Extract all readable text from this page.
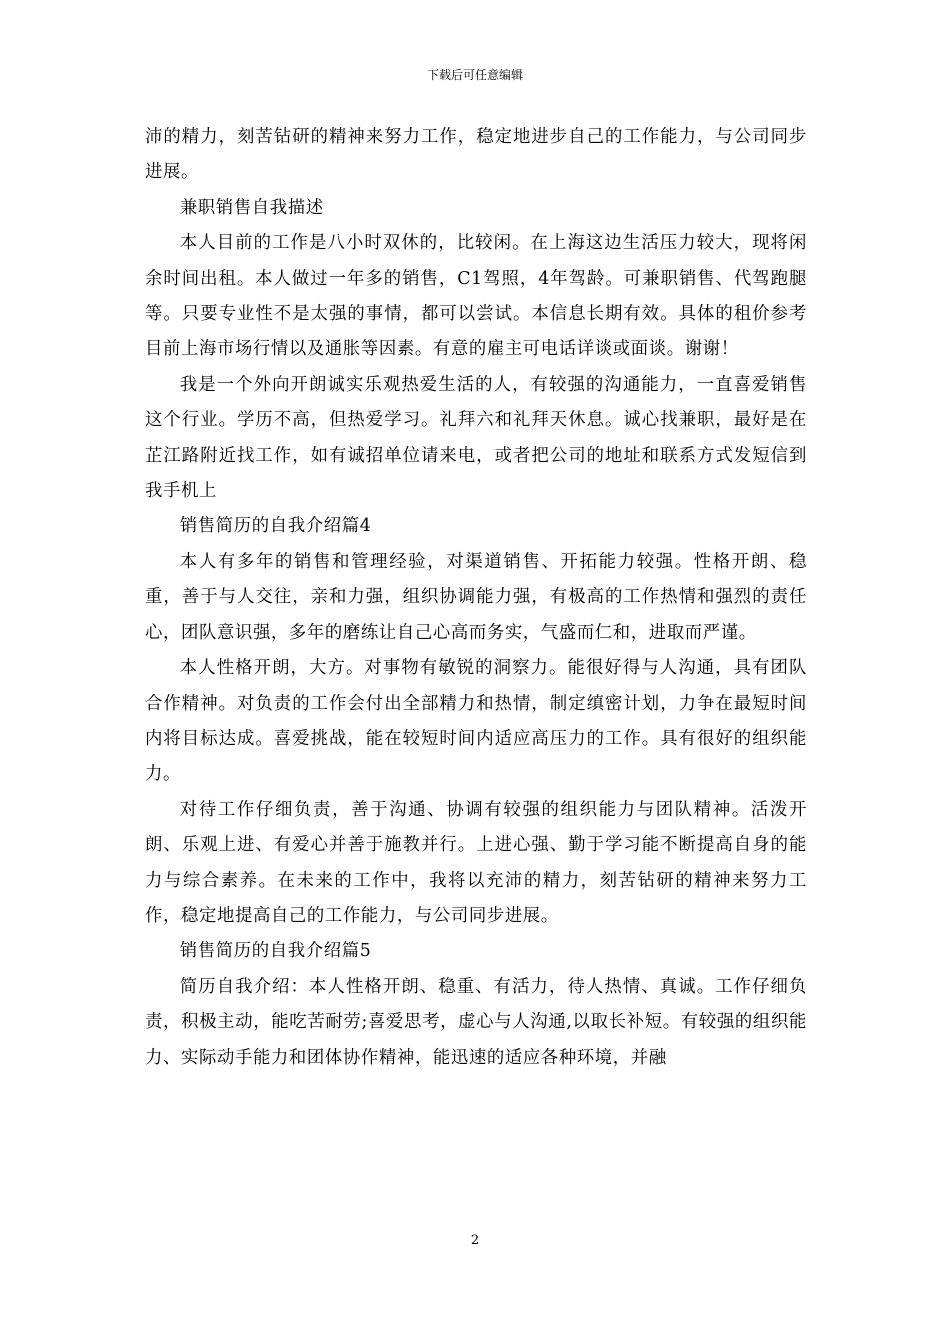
下载后可任意编辑

沛的精力，刻苦钻研的精神来努力工作，稳定地进步自己的工作能力，与公司同步进展。

兼职销售自我描述

本人目前的工作是八小时双休的，比较闲。在上海这边生活压力较大，现将闲余时间出租。本人做过一年多的销售，C1驾照，4年驾龄。可兼职销售、代驾跑腿等。只要专业性不是太强的事情，都可以尝试。本信息长期有效。具体的租价参考目前上海市场行情以及通胀等因素。有意的雇主可电话详谈或面谈。谢谢！

我是一个外向开朗诚实乐观热爱生活的人，有较强的沟通能力，一直喜爱销售这个行业。学历不高，但热爱学习。礼拜六和礼拜天休息。诚心找兼职，最好是在芷江路附近找工作，如有诚招单位请来电，或者把公司的地址和联系方式发短信到我手机上

销售简历的自我介绍篇4

本人有多年的销售和管理经验，对渠道销售、开拓能力较强。性格开朗、稳重，善于与人交往，亲和力强，组织协调能力强，有极高的工作热情和强烈的责任心，团队意识强，多年的磨练让自己心高而务实，气盛而仁和，进取而严谨。

本人性格开朗，大方。对事物有敏锐的洞察力。能很好得与人沟通，具有团队合作精神。对负责的工作会付出全部精力和热情，制定缜密计划，力争在最短时间内将目标达成。喜爱挑战，能在较短时间内适应高压力的工作。具有很好的组织能力。

对待工作仔细负责，善于沟通、协调有较强的组织能力与团队精神。活泼开朗、乐观上进、有爱心并善于施教并行。上进心强、勤于学习能不断提高自身的能力与综合素养。在未来的工作中，我将以充沛的精力，刻苦钻研的精神来努力工作，稳定地提高自己的工作能力，与公司同步进展。

销售简历的自我介绍篇5

简历自我介绍：本人性格开朗、稳重、有活力，待人热情、真诚。工作仔细负责，积极主动，能吃苦耐劳;喜爱思考，虚心与人沟通,以取长补短。有较强的组织能力、实际动手能力和团体协作精神，能迅速的适应各种环境，并融

2
